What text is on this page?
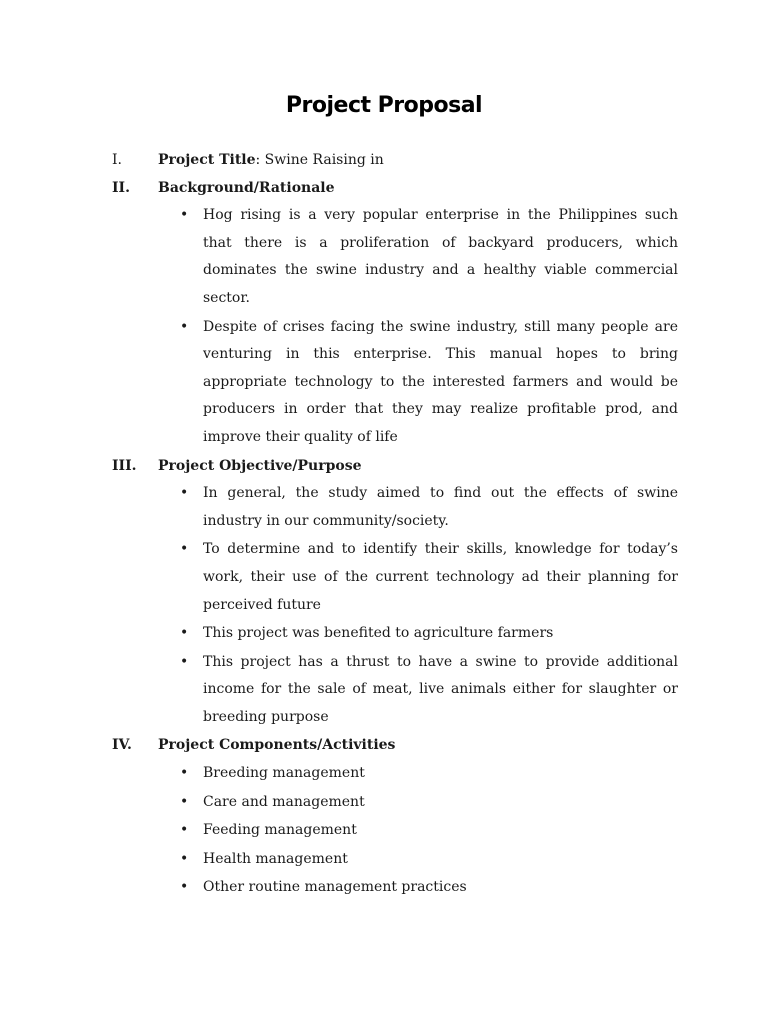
Project Proposal
I.	Project Title: Swine Raising in
II. Background/Rationale
• Hog rising is a very popular enterprise in the Philippines such that there is a proliferation of backyard producers, which dominates the swine industry and a healthy viable commercial sector.
• Despite of crises facing the swine industry, still many people are venturing in this enterprise. This manual hopes to bring appropriate technology to the interested farmers and would be producers in order that they may realize profitable prod, and improve their quality of life
III. Project Objective/Purpose
• In general, the study aimed to find out the effects of swine industry in our community/society.
• To determine and to identify their skills, knowledge for today’s work, their use of the current technology ad their planning for perceived future
• This project was benefited to agriculture farmers
• This project has a thrust to have a swine to provide additional income for the sale of meat, live animals either for slaughter or breeding purpose
IV. Project Components/Activities
• Breeding management
• Care and management
• Feeding management
• Health management
• Other routine management practices
